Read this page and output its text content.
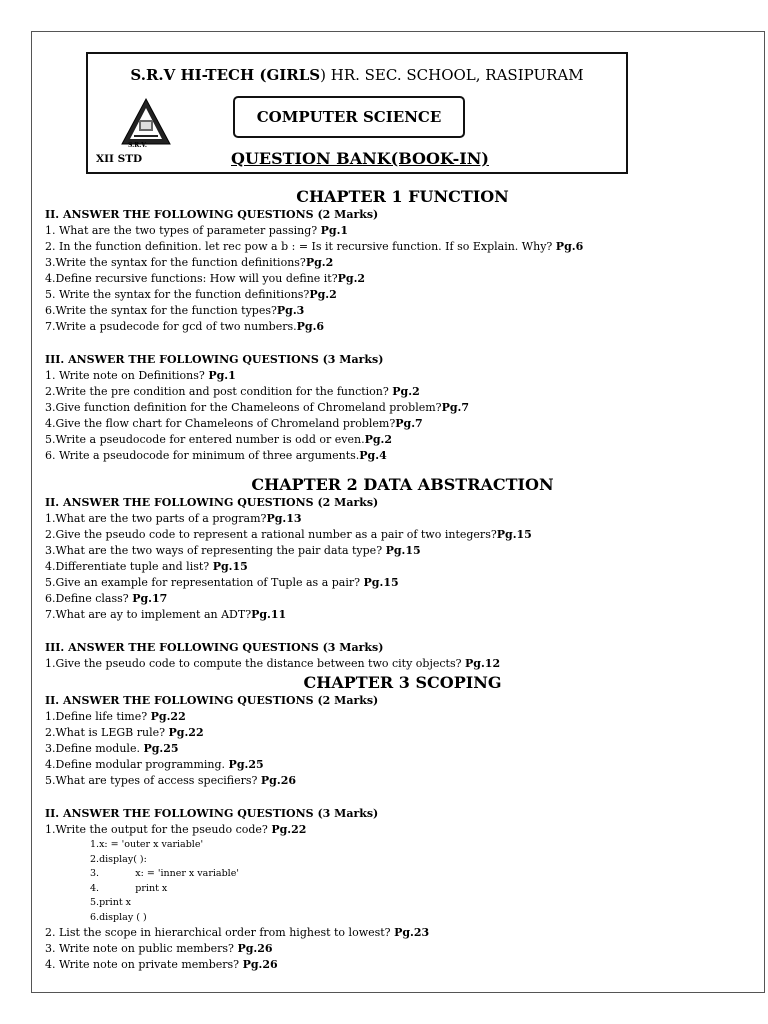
S.R.V HI-TECH (GIRLS) HR. SEC. SCHOOL, RASIPURAM
S.R.V.
COMPUTER SCIENCE
XII STD	QUESTION BANK(BOOK-IN)
CHAPTER 1 FUNCTION
II. ANSWER THE FOLLOWING QUESTIONS (2 Marks)
1. What are the two types of parameter passing? Pg.1
2. In the function definition. let rec pow a b : = Is it recursive function. If so Explain. Why? Pg.6
3.Write the syntax for the function definitions?Pg.2
4.Define recursive functions: How will you define it?Pg.2
5. Write the syntax for the function definitions?Pg.2
6.Write the syntax for the function types?Pg.3
7.Write a psudecode for gcd of two numbers.Pg.6
III. ANSWER THE FOLLOWING QUESTIONS (3 Marks)
1. Write note on Definitions? Pg.1
2.Write the pre condition and post condition for the function? Pg.2
3.Give function definition for the Chameleons of Chromeland problem?Pg.7
4.Give the flow chart for Chameleons of Chromeland problem?Pg.7
5.Write a pseudocode for entered number is odd or even.Pg.2
6. Write a pseudocode for minimum of three arguments.Pg.4
CHAPTER 2 DATA ABSTRACTION
II. ANSWER THE FOLLOWING QUESTIONS (2 Marks)
1.What are the two parts of a program?Pg.13
2.Give the pseudo code to represent a rational number as a pair of two integers?Pg.15
3.What are the two ways of representing the pair data type? Pg.15
4.Differentiate tuple and list? Pg.15
5.Give an example for representation of Tuple as a pair? Pg.15
6.Define class? Pg.17
7.What are ay to implement an ADT?Pg.11
III. ANSWER THE FOLLOWING QUESTIONS (3 Marks)
1.Give the pseudo code to compute the distance between two city objects? Pg.12
CHAPTER 3 SCOPING
II. ANSWER THE FOLLOWING QUESTIONS (2 Marks)
1.Define life time? Pg.22
2.What is LEGB rule? Pg.22
3.Define module. Pg.25
4.Define modular programming. Pg.25
5.What are types of access specifiers? Pg.26
II. ANSWER THE FOLLOWING QUESTIONS (3 Marks)
1.Write the output for the pseudo code? Pg.22
1.x: = 'outer x variable'
2.display( ):
3.            x: = 'inner x variable'
4.            print x
5.print x
6.display ( )
2. List the scope in hierarchical order from highest to lowest? Pg.23
3. Write note on public members? Pg.26
4. Write note on private members? Pg.26
